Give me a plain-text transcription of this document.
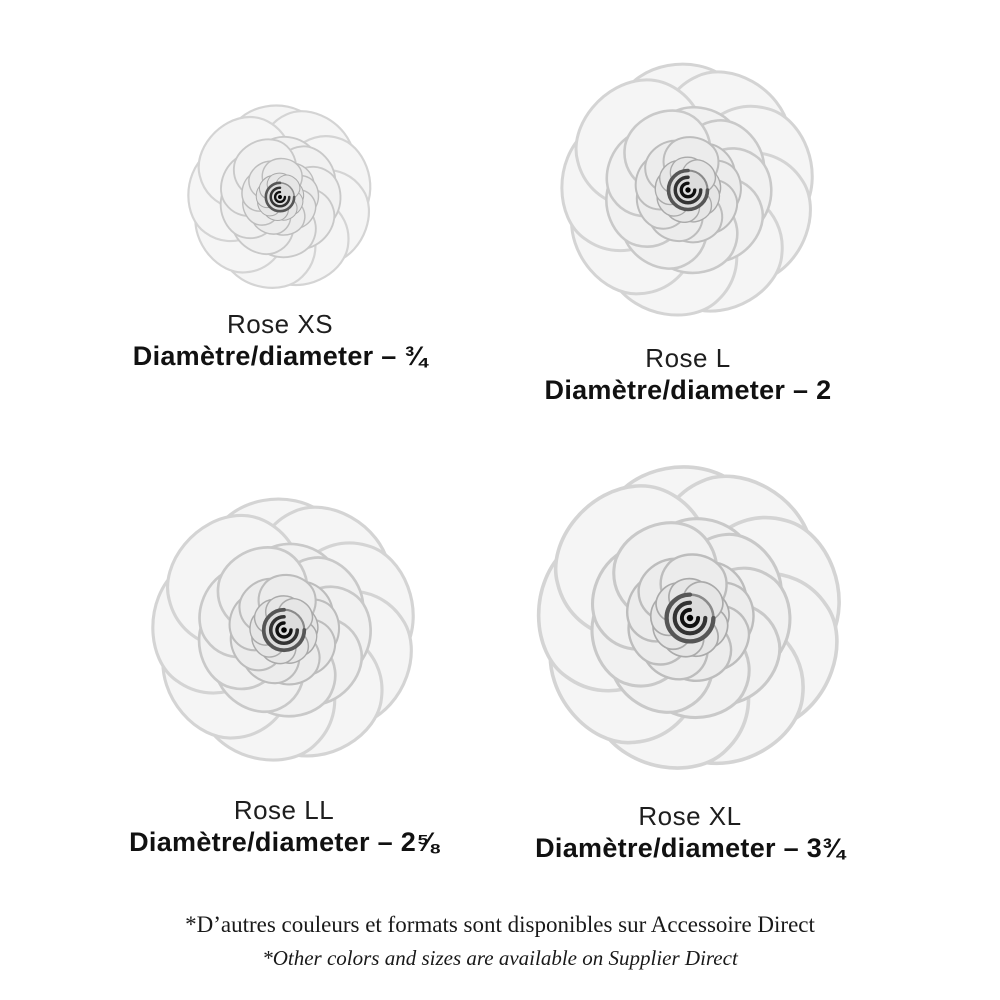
Rose XS
Diamètre/diameter – ¾	Rose L
Diamètre/diameter – 2
Rose LL
Diamètre/diameter – 2⅝
Rose XL
Diamètre/diameter – 3¾
*D’autres couleurs et formats sont disponibles sur Accessoire Direct
*Other colors and sizes are available on Supplier Direct
